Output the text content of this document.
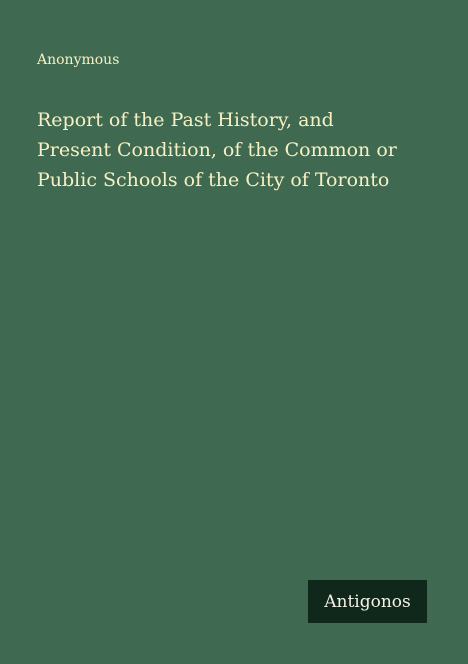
Anonymous
Report of the Past History, and
Present Condition, of the Common or
Public Schools of the City of Toronto
Antigonos
